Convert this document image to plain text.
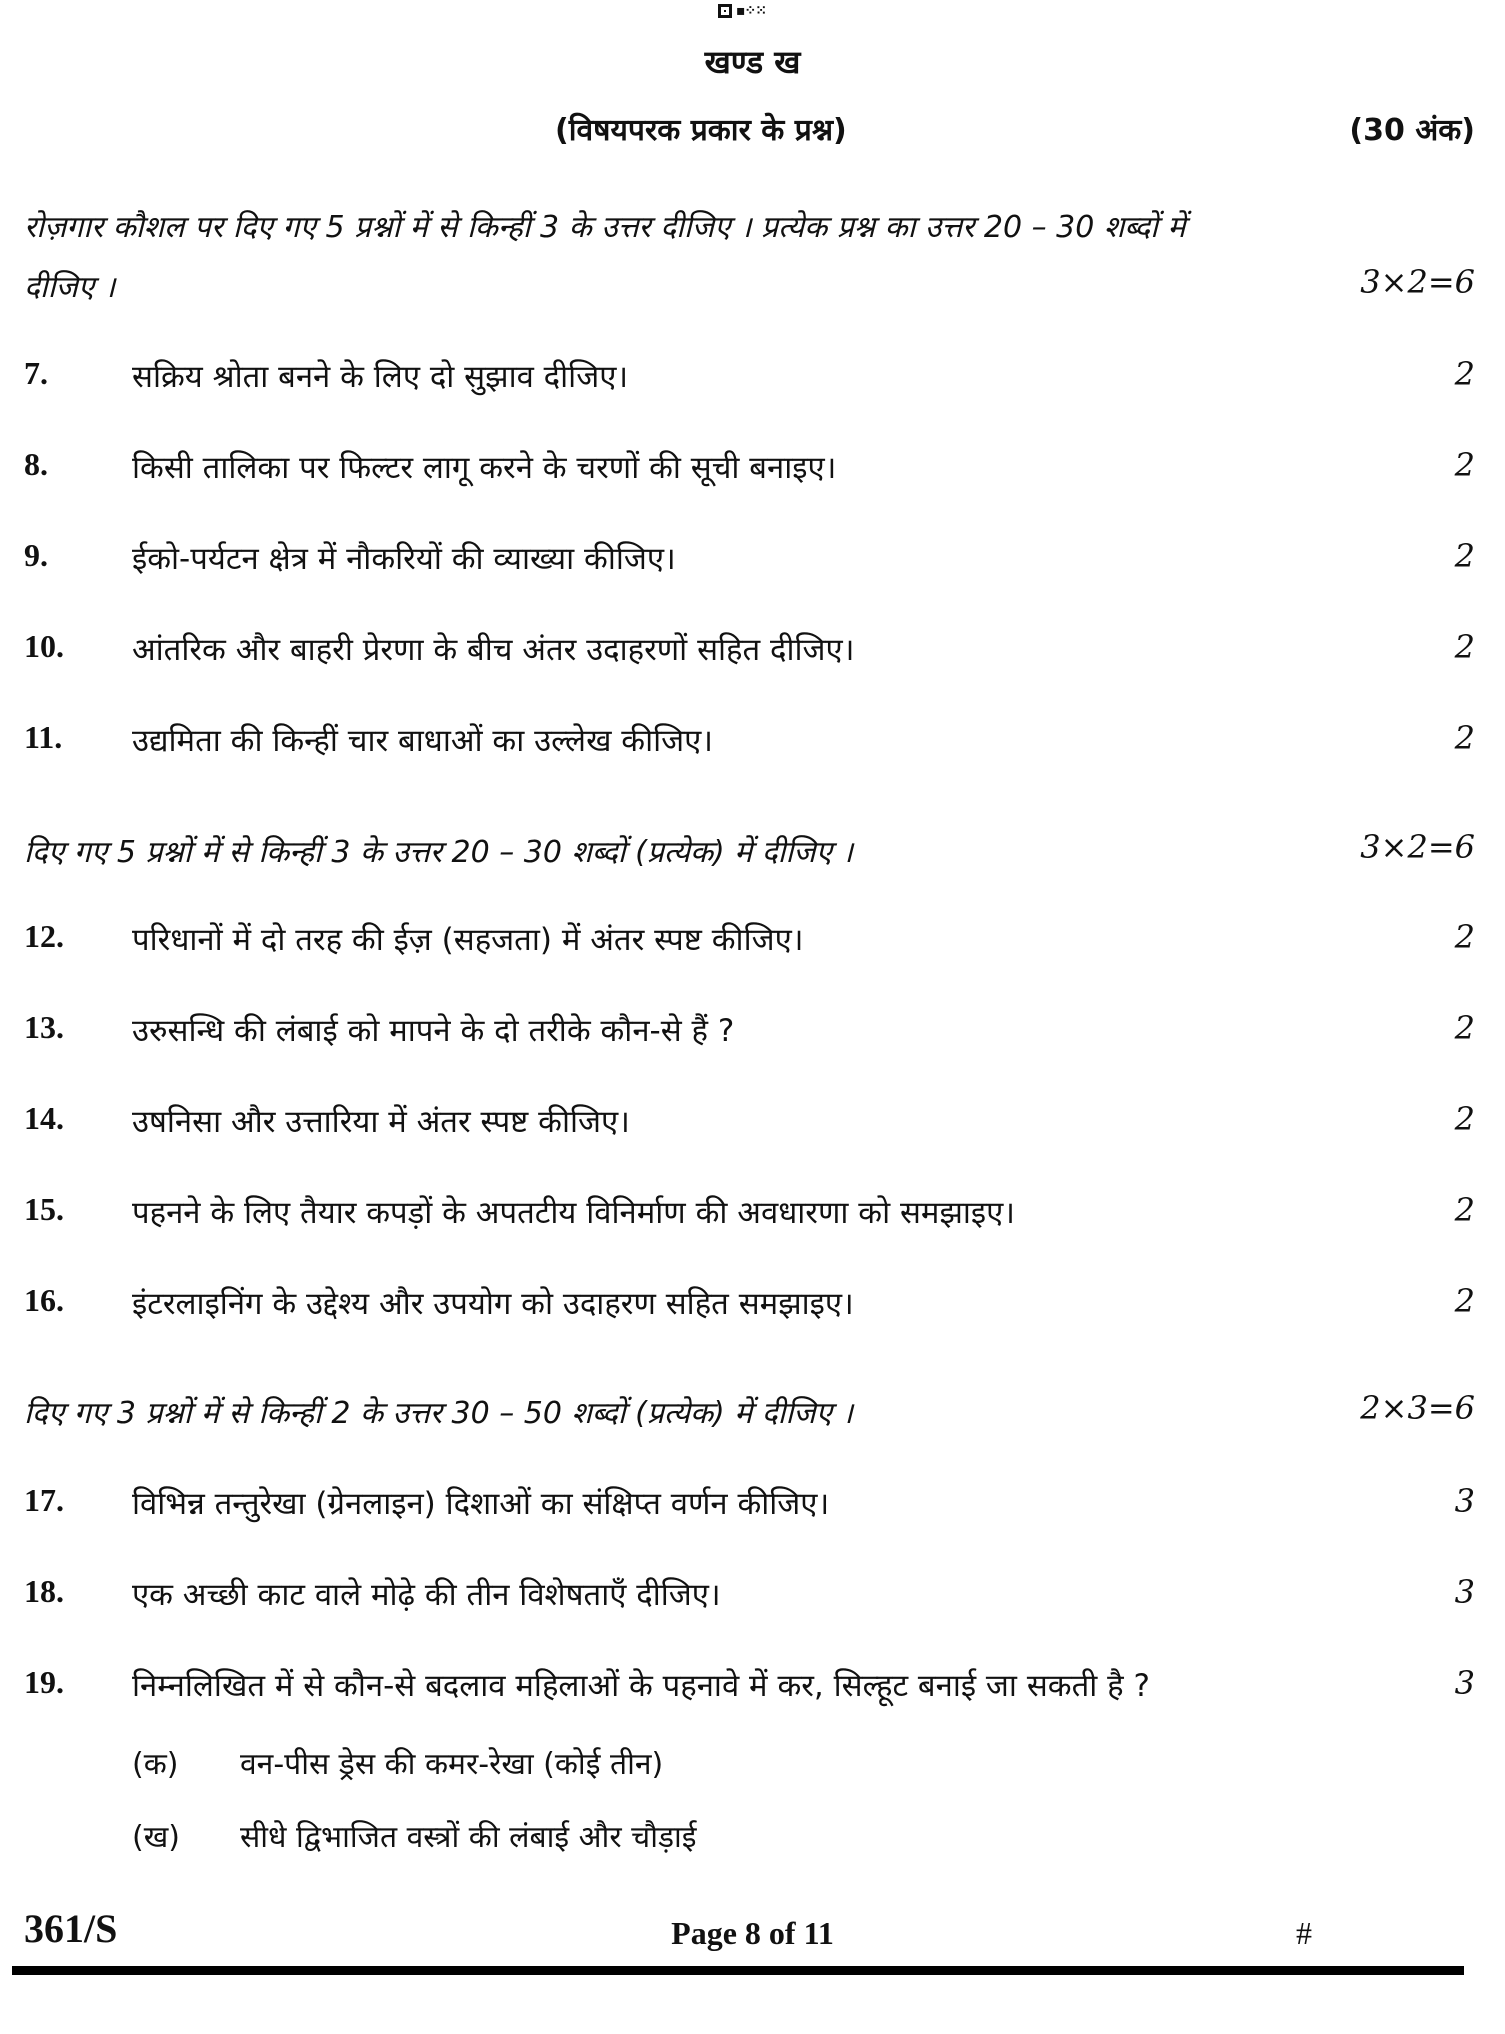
▪⁘⁙
खण्ड ख
(विषयपरक प्रकार के प्रश्न)	(30 अंक)
रोज़गार कौशल पर दिए गए 5 प्रश्नों में से किन्हीं 3 के उत्तर दीजिए । प्रत्येक प्रश्न का उत्तर 20 – 30 शब्दों में
दीजिए ।	3×2=6
7.	सक्रिय श्रोता बनने के लिए दो सुझाव दीजिए।	2
8.	किसी तालिका पर फिल्टर लागू करने के चरणों की सूची बनाइए।	2
9.	ईको-पर्यटन क्षेत्र में नौकरियों की व्याख्या कीजिए।	2
10. आंतरिक और बाहरी प्रेरणा के बीच अंतर उदाहरणों सहित दीजिए।	2
11. उद्यमिता की किन्हीं चार बाधाओं का उल्लेख कीजिए।	2
दिए गए 5 प्रश्नों में से किन्हीं 3 के उत्तर 20 – 30 शब्दों (प्रत्येक) में दीजिए ।	3×2=6
12. परिधानों में दो तरह की ईज़ (सहजता) में अंतर स्पष्ट कीजिए।	2
13. उरुसन्धि की लंबाई को मापने के दो तरीके कौन-से हैं ?	2
14. उषनिसा और उत्तारिया में अंतर स्पष्ट कीजिए।	2
15. पहनने के लिए तैयार कपड़ों के अपतटीय विनिर्माण की अवधारणा को समझाइए।	2
16. इंटरलाइनिंग के उद्देश्य और उपयोग को उदाहरण सहित समझाइए।	2
दिए गए 3 प्रश्नों में से किन्हीं 2 के उत्तर 30 – 50 शब्दों (प्रत्येक) में दीजिए ।	2×3=6
17. विभिन्न तन्तुरेखा (ग्रेनलाइन) दिशाओं का संक्षिप्त वर्णन कीजिए।	3
18. एक अच्छी काट वाले मोढ़े की तीन विशेषताएँ दीजिए।	3
19. निम्नलिखित में से कौन-से बदलाव महिलाओं के पहनावे में कर, सिल्हूट बनाई जा सकती है ?	3
(क) वन-पीस ड्रेस की कमर-रेखा (कोई तीन)
(ख) सीधे द्विभाजित वस्त्रों की लंबाई और चौड़ाई
361/S	Page 8 of 11	#
